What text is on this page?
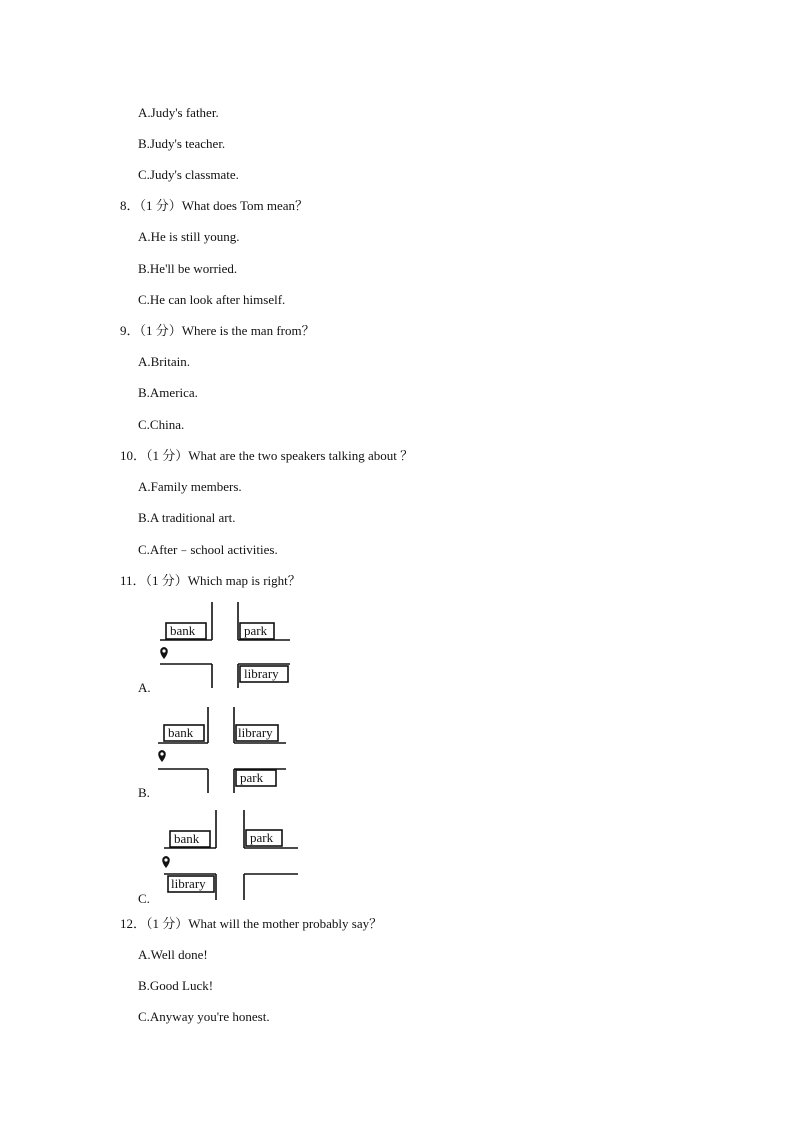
A.Judy's father.
B.Judy's teacher.
C.Judy's classmate.
8．（1 分）What does Tom mean？
A.He is still young.
B.He'll be worried.
C.He can look after himself.
9．（1 分）Where is the man from？
A.Britain.
B.America.
C.China.
10．（1 分）What are the two speakers talking about ？
A.Family members.
B.A traditional art.
C.After﹣school activities.
11．（1 分）Which map is right？
A.
bank	park
library
B.
bank	library
park
C.
bank	park
library
12．（1 分）What will the mother probably say？
A.Well done!
B.Good Luck!
C.Anyway you're honest.
